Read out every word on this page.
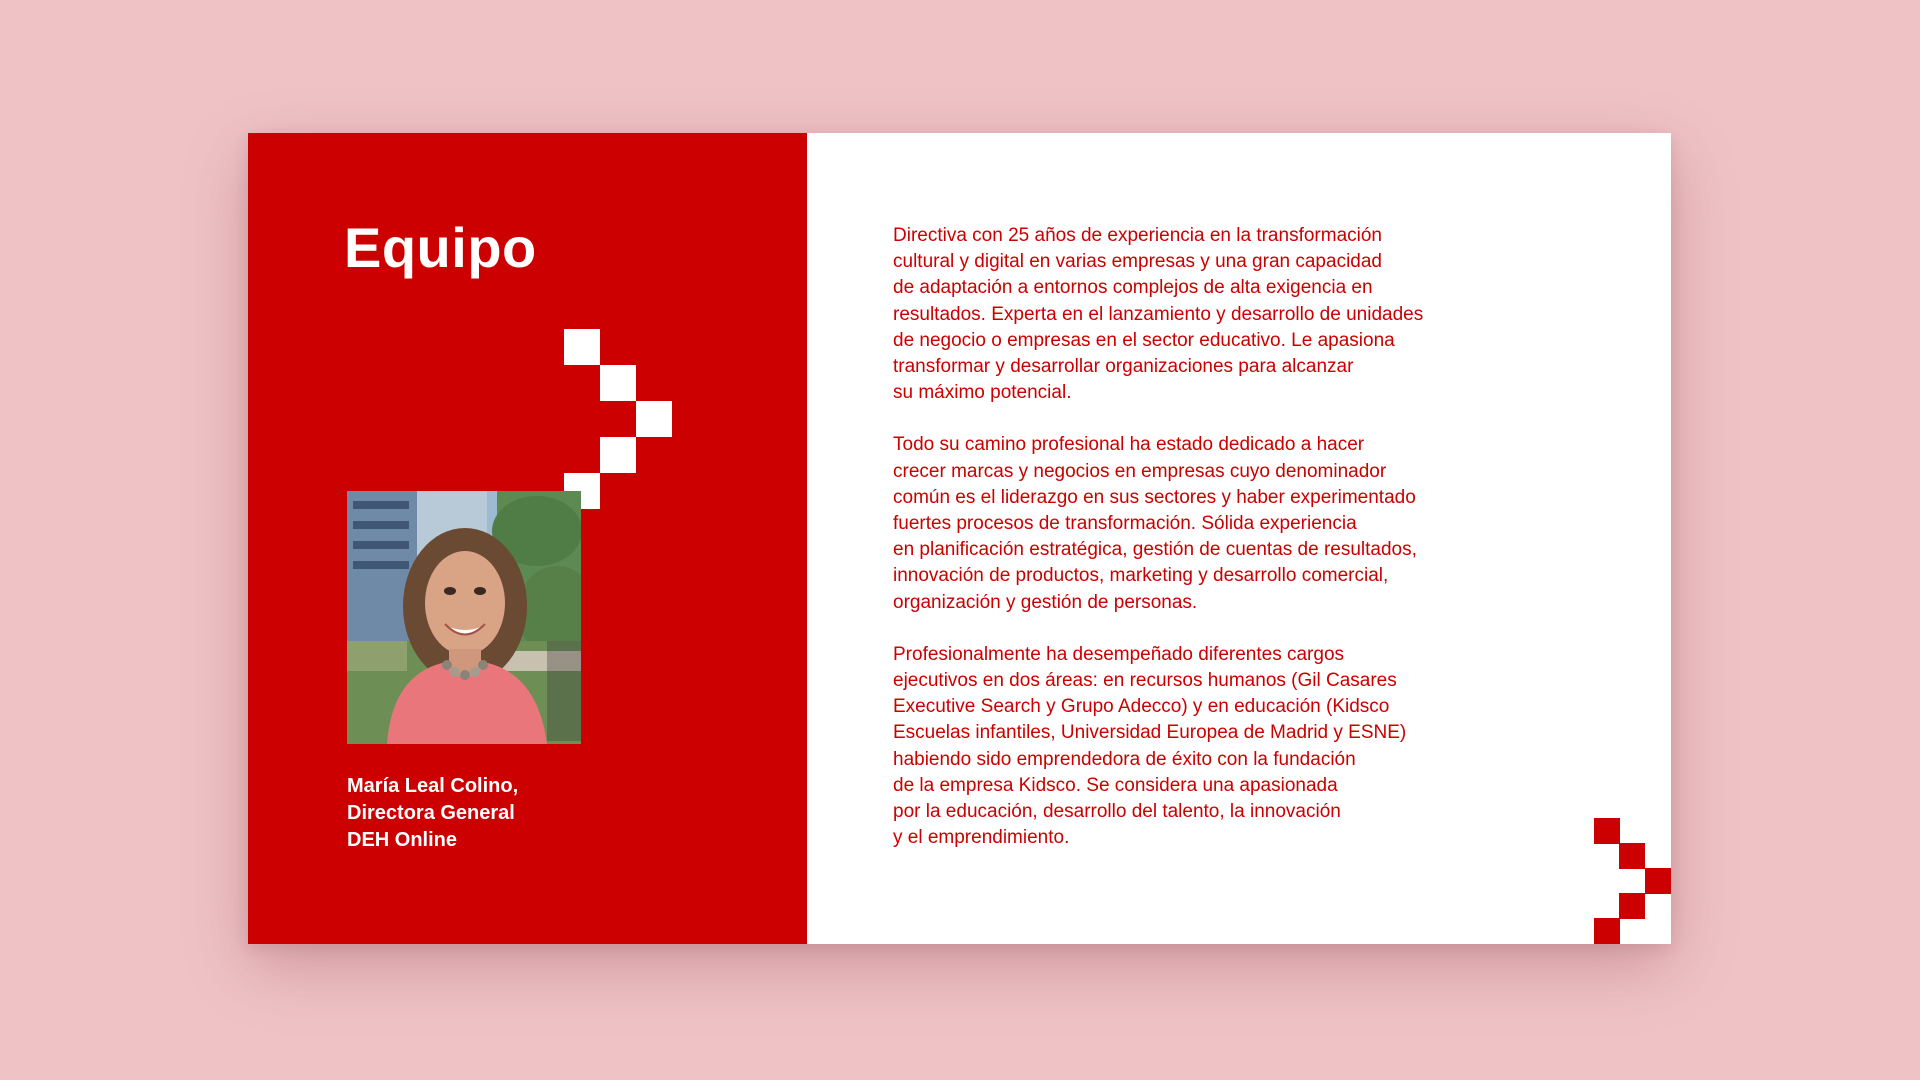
Equipo
María Leal Colino,
Directora General
DEH Online

Directiva con 25 años de experiencia en la transformación
cultural y digital en varias empresas y una gran capacidad
de adaptación a entornos complejos de alta exigencia en
resultados. Experta en el lanzamiento y desarrollo de unidades
de negocio o empresas en el sector educativo. Le apasiona
transformar y desarrollar organizaciones para alcanzar
su máximo potencial.

Todo su camino profesional ha estado dedicado a hacer
crecer marcas y negocios en empresas cuyo denominador
común es el liderazgo en sus sectores y haber experimentado
fuertes procesos de transformación. Sólida experiencia
en planificación estratégica, gestión de cuentas de resultados,
innovación de productos, marketing y desarrollo comercial,
organización y gestión de personas.

Profesionalmente ha desempeñado diferentes cargos
ejecutivos en dos áreas: en recursos humanos (Gil Casares
Executive Search y Grupo Adecco) y en educación (Kidsco
Escuelas infantiles, Universidad Europea de Madrid y ESNE)
habiendo sido emprendedora de éxito con la fundación
de la empresa Kidsco. Se considera una apasionada
por la educación, desarrollo del talento, la innovación
y el emprendimiento.
